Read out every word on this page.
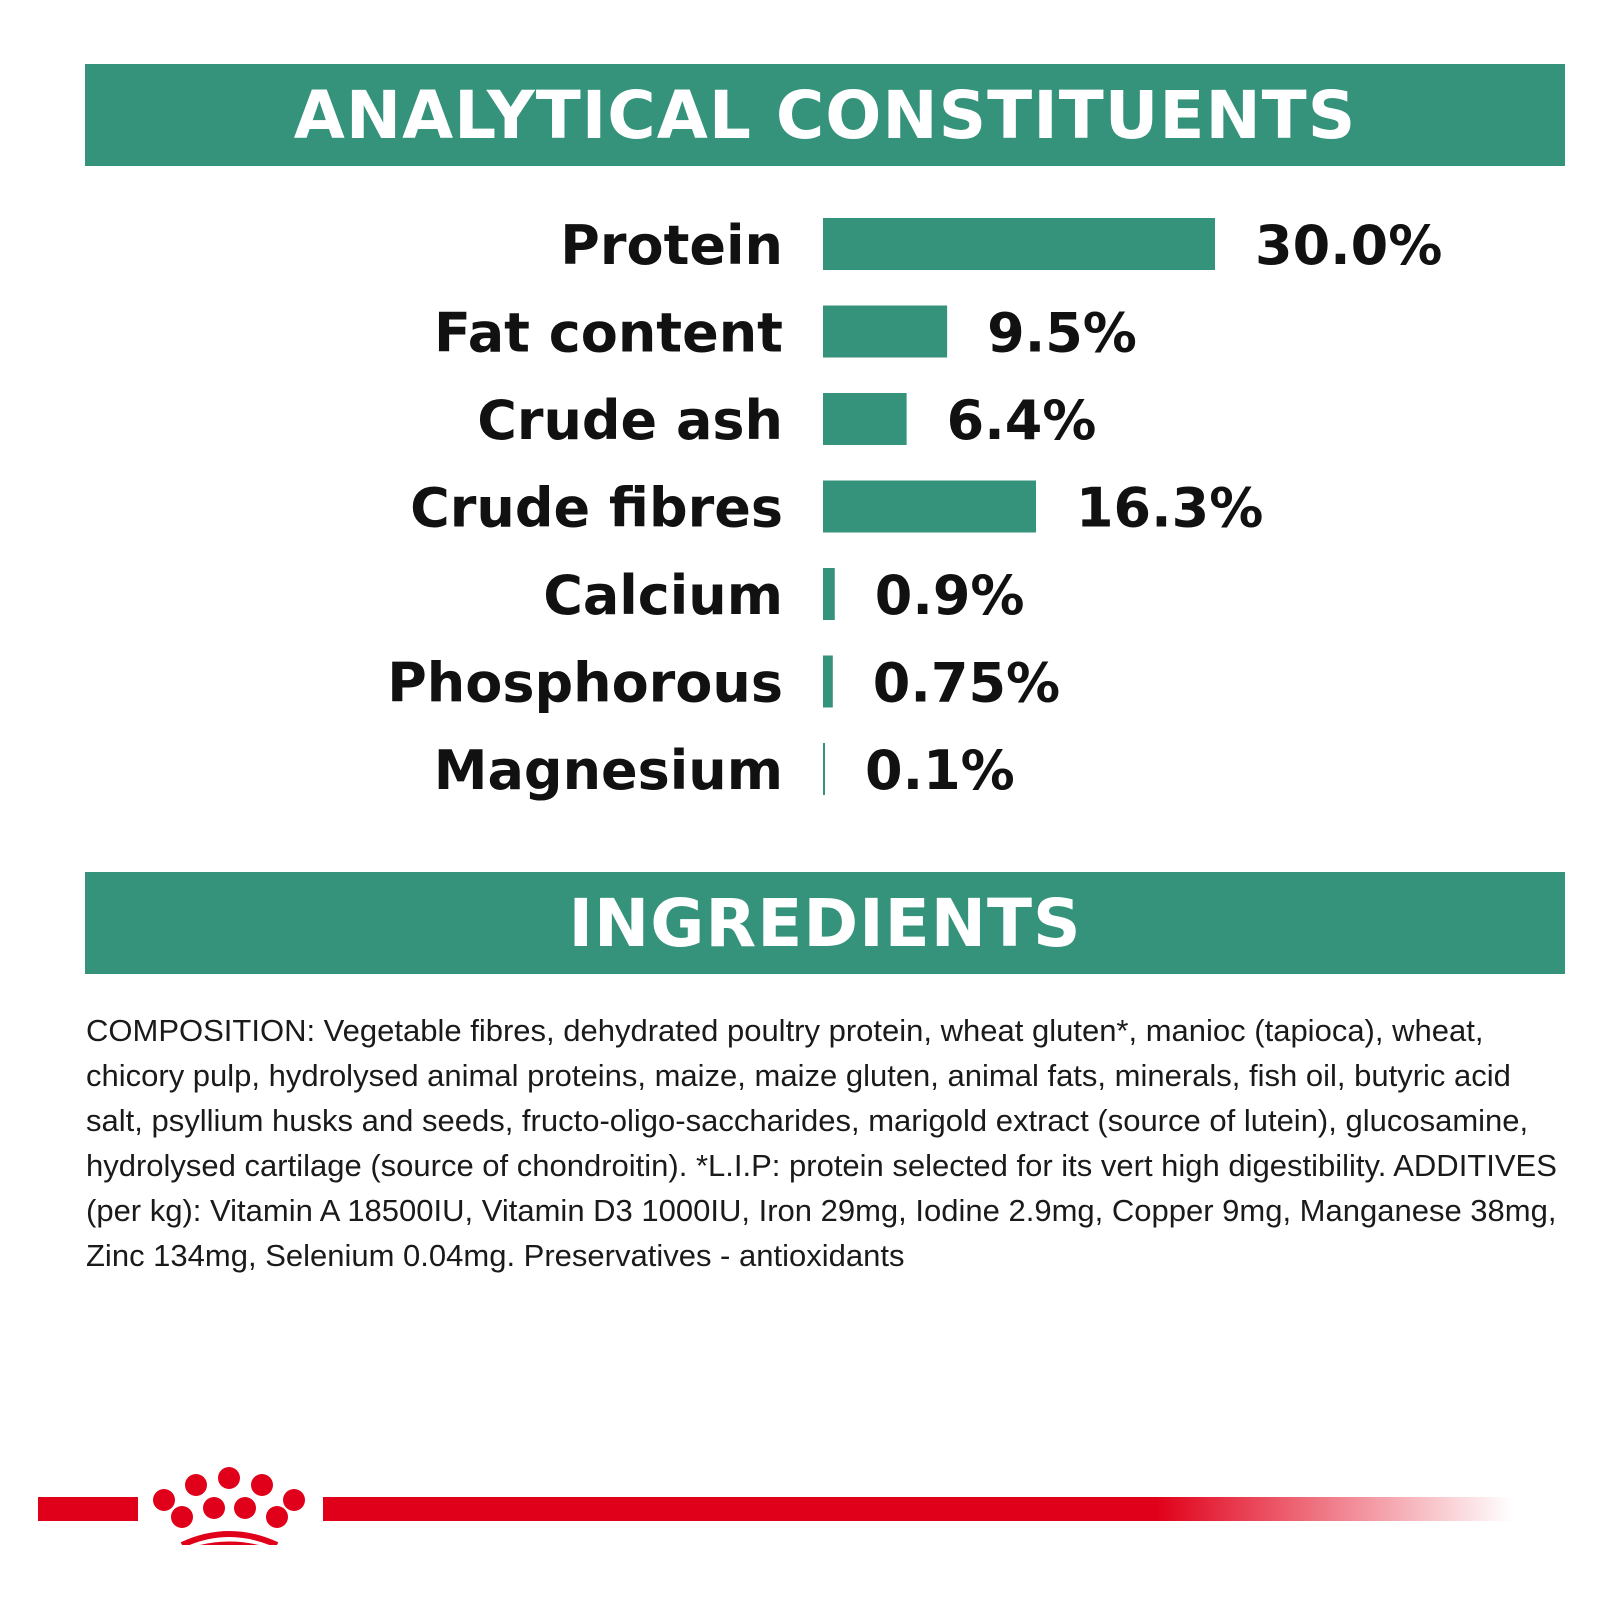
ANALYTICAL CONSTITUENTS
Protein	30.0%
Fat content	9.5%
Crude ash	6.4%
Crude fibres	16.3%
Calcium 0.9%
Phosphorous 0.75%
Magnesium 0.1%
INGREDIENTS
COMPOSITION: Vegetable fibres, dehydrated poultry protein, wheat gluten*, manioc (tapioca), wheat, chicory pulp, hydrolysed animal proteins, maize, maize gluten, animal fats, minerals, fish oil, butyric acid salt, psyllium husks and seeds, fructo-oligo-saccharides, marigold extract (source of lutein), glucosamine, hydrolysed cartilage (source of chondroitin). *L.I.P: protein selected for its vert high digestibility. ADDITIVES (per kg): Vitamin A 18500IU, Vitamin D3 1000IU, Iron 29mg, Iodine 2.9mg, Copper 9mg, Manganese 38mg, Zinc 134mg, Selenium 0.04mg. Preservatives - antioxidants
